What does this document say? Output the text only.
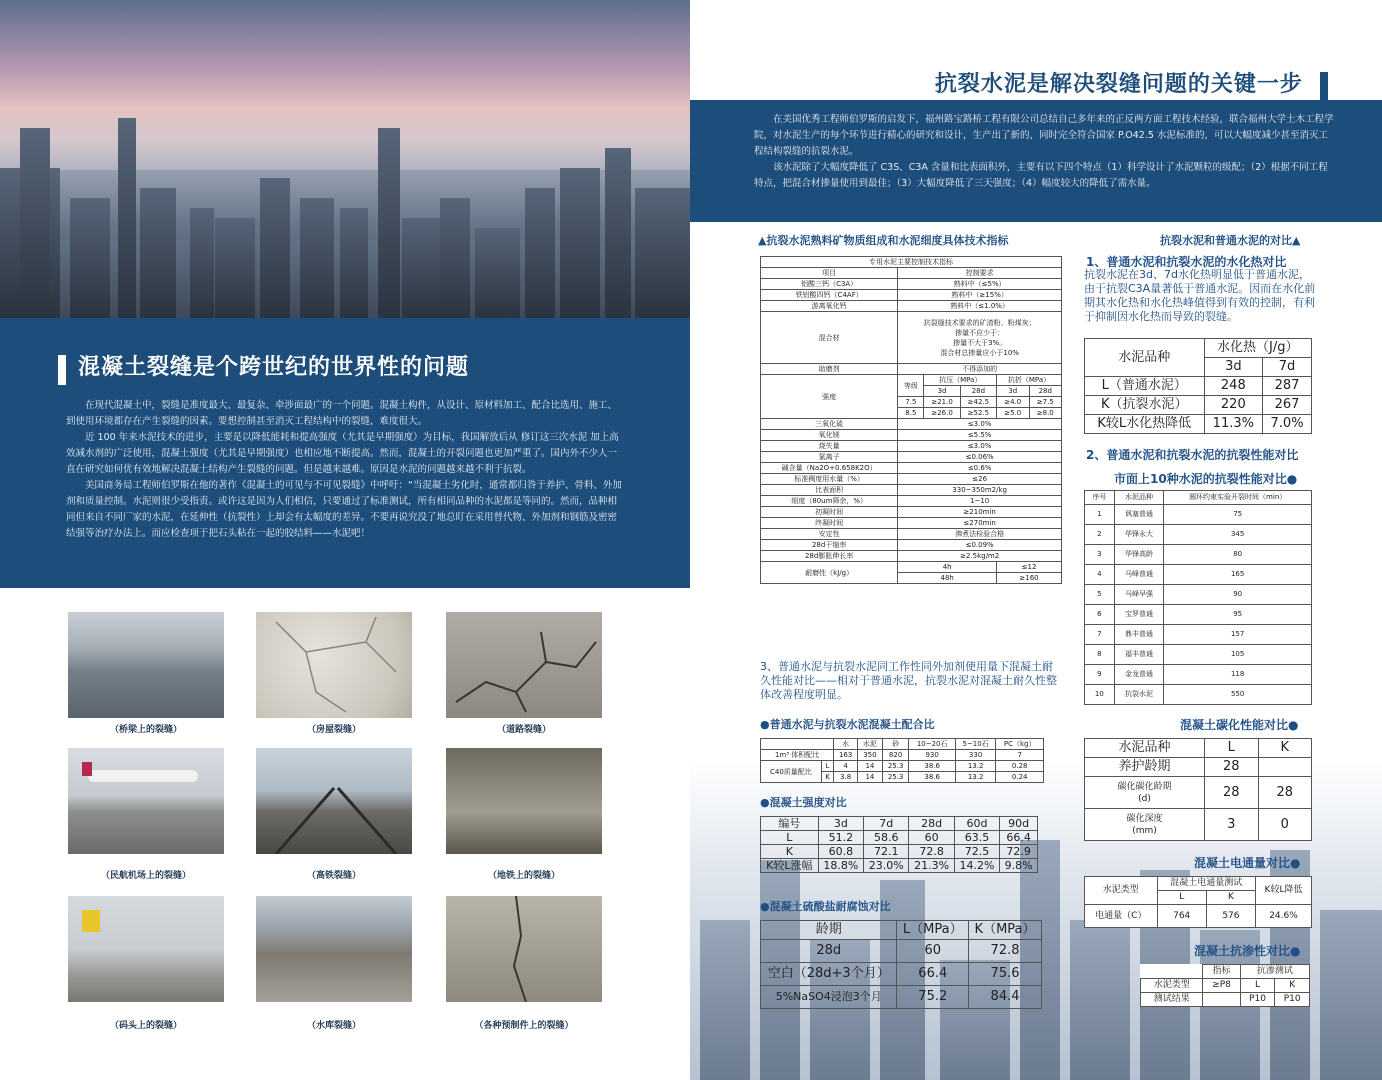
混凝土裂缝是个跨世纪的世界性的问题

在现代混凝土中，裂缝是准度最大、最复杂、牵涉面最广的一个问题。混凝土构件，从设计、原材料加工、配合比选用、施工、到使用环境都存在产生裂缝的因素。要想控制甚至消灭工程结构中的裂缝，难度很大。

近 100 年来水泥技术的进步，主要是以降低能耗和提高强度（尤其是早期强度）为目标，我国解放后从 修订这三次水泥 加上高效减水剂的广泛使用，混凝土强度（尤其是早期强度）也相应地不断提高。然而，混凝土的开裂问题也更加严重了。国内外不少人一直在研究如何优有效地解决混凝土结构产生裂缝的问题。但是越来越难。原因是水泥的问题越来越不利于抗裂。

美国商务局工程师伯罗斯在他的著作《混凝土的可见与不可见裂缝》中呼吁：“当混凝土劣化时，通常都归咎于养护、骨料、外加剂和质量控制。水泥则很少受指责。或许这是因为人们相信，只要通过了标准测试，所有相同品种的水泥都是等同的。然而，品种相同但来自不同厂家的水泥，在延伸性（抗裂性）上却会有太幅度的差异。不要再说究没了地总盯在采用替代物、外加剂和钢筋及密密结强等治疗办法上。而应检查项于把石头粘在一起的胶结料——水泥吧！

（桥梁上的裂缝）	（房屋裂缝）	（道路裂缝）
（民航机场上的裂缝）	（高铁裂缝）	（地铁上的裂缝）
（码头上的裂缝）	（水库裂缝）	（各种预制件上的裂缝）
抗裂水泥是解决裂缝问题的关键一步

在美国优秀工程师伯罗斯的启发下，福州路宝路桥工程有限公司总结自己多年来的正反两方面工程技术经验，联合福州大学土木工程学院，对水泥生产的每个环节进行精心的研究和设计，生产出了新的，同时完全符合国家 P.O42.5 水泥标准的，可以大幅度减少甚至消灭工程结构裂缝的抗裂水泥。

该水泥除了大幅度降低了 C3S、C3A 含量和比表面积外，主要有以下四个特点（1）科学设计了水泥颗粒的级配；（2）根据不同工程特点，把混合材掺量使用到最佳；（3）大幅度降低了三天强度；（4）幅度较大的降低了需水量。

▲抗裂水泥熟料矿物质组成和水泥细度具体技术指标
专用水泥主要控制技术指标					
项目	控制要求				
铝酸三钙（C3A）	熟料中（≤5%）				
铁铝酸四钙（C4AF）	熟料中（≥15%）				
游离氧化钙	熟料中（≤1.0%）				
混合材	抗裂缝技术要求的矿渣粉、粉煤灰；
掺量不应少于：
掺量不大于3%。
混合材总掺量应小于10%				
助磨剂	不得添加的				
强度	等级	抗压（MPa）		抗折（MPa）	
		3d	28d	3d	28d
	7.5	≥21.0	≥42.5	≥4.0	≥7.5
	8.5	≥26.0	≥52.5	≥5.0	≥8.0
三氧化硫	≤3.0%				
氧化镁	≤5.5%				
烧失量	≤3.0%				
氯离子	≤0.06%				
碱含量（Na2O+0.658K2O）	≤0.6%				
标准稠度用水量（%）	≤26				
比表面积	330~350m2/kg				
细度（80um筛余，%）	1~10				
初凝时间	≥210min				
终凝时间	≤270min				
安定性	沸煮法检验合格				
28d干缩率	≤0.09%				
28d膨胀伸长率	≥2.5kg/m2				
耐磨性（kJ/g）	4h			≤12	
	48h			≥160	
3、普通水泥与抗裂水泥同工作性同外加剂使用量下混凝土耐久性能对比——相对于普通水泥，抗裂水泥对混凝土耐久性整体改善程度明显。
●普通水泥与抗裂水泥混凝土配合比
		水	水泥	砂	10~20石	5~10石	PC（kg）
1m³ 体积配比		163	350	820	930	330	7
C40质量配比	L	4	14	25.3	38.6	13.2	0.28
	K	3.8	14	25.3	38.6	13.2	0.24
●混凝土强度对比
编号	3d	7d	28d	60d	90d
L	51.2	58.6	60	63.5	66.4
K	60.8	72.1	72.8	72.5	72.9
K较L涨幅	18.8%	23.0%	21.3%	14.2%	9.8%
●混凝土硫酸盐耐腐蚀对比
龄期	L（MPa）	K（MPa）
28d	60	72.8
空白（28d+3个月）	66.4	75.6
5%NaSO4浸泡3个月	75.2	84.4
抗裂水泥和普通水泥的对比▲
1、普通水泥和抗裂水泥的水化热对比
抗裂水泥在3d、7d水化热明显低于普通水泥，由于抗裂C3A量著低于普通水泥。因而在水化前期其水化热和水化热峰值得到有效的控制，有利于抑制因水化热而导致的裂缝。
水泥品种	水化热（J/g）	
	3d	7d
L（普通水泥）	248	287
K（抗裂水泥）	220	267
K较L水化热降低	11.3%	7.0%
2、普通水泥和抗裂水泥的抗裂性能对比
市面上10种水泥的抗裂性能对比●
序号	水泥品种	圆环约束实验开裂时间（min）
1	讽塞普通	75
2	华锋永大	345
3	华锋高龄	80
4	马峰普通	165
5	马峰早强	90
6	宝罗普通	95
7	鼎丰普通	157
8	福丰普通	105
9	金龙普通	118
10	抗裂水泥	550
混凝土碳化性能对比●
水泥品种	L	K
养护龄期	28	
碳化碳化龄期
(d)	28	28
碳化深度
(mm)	3	0
混凝土电通量对比●
水泥类型	混凝土电通量测试		K较L降低
	L	K	
电通量（C）	764	576	24.6%
混凝土抗渗性对比●
	指标	抗渗测试	
水泥类型	≥P8	L	K
测试结果		P10	P10
